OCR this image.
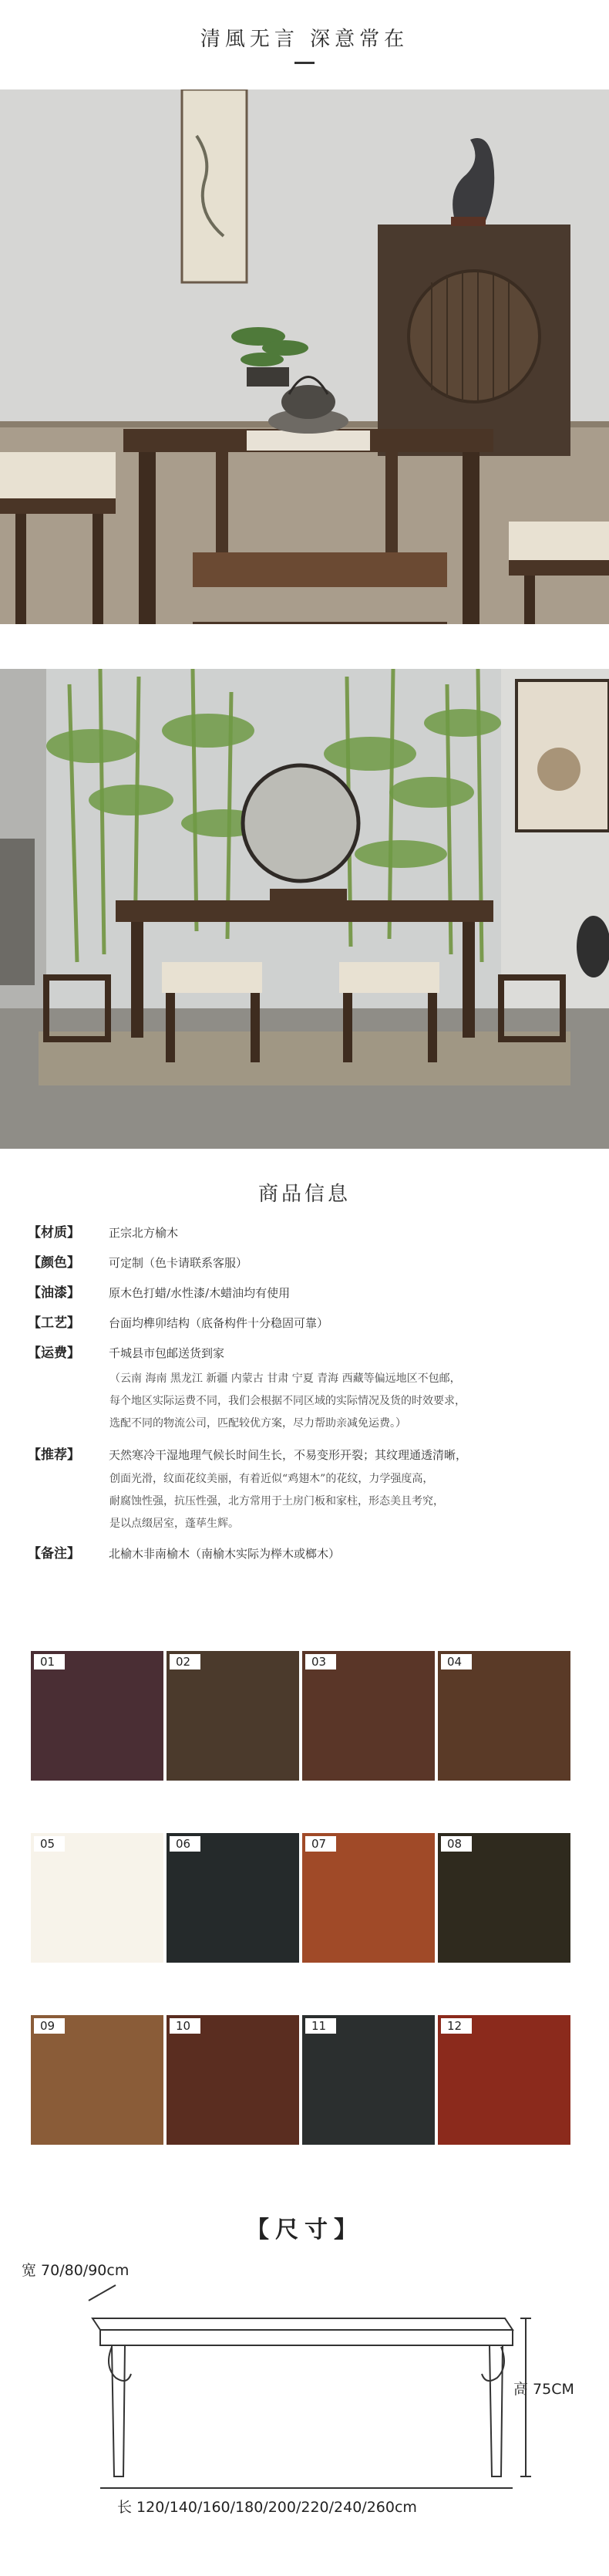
清風无言 深意常在
商品信息
【材质】 正宗北方榆木
【颜色】 可定制（色卡请联系客服）
【油漆】 原木色打蜡/水性漆/木蜡油均有使用
【工艺】 台面均榫卯结构（底备构件十分稳固可靠）
【运费】 千城县市包邮送货到家
（云南 海南 黑龙江 新疆 内蒙古 甘肃 宁夏 青海 西藏等偏远地区不包邮，
每个地区实际运费不同，我们会根据不同区域的实际情况及货的时效要求，
选配不同的物流公司，匹配较优方案，尽力帮助亲减免运费。）
【推荐】 天然寒冷干湿地理气候长时间生长，不易变形开裂；其纹理通透清晰，
创面光滑，纹面花纹美丽，有着近似“鸡翅木”的花纹，力学强度高，
耐腐蚀性强，抗压性强，北方常用于土房门板和家柱，形态美且考究，
是以点缀居室，蓬荜生辉。
【备注】 北榆木非南榆木（南榆木实际为榉木或榔木）
01	02	03	04
05	06	07	08
09	10	11	12
【尺寸】
宽 70/80/90cm
高 75CM
长 120/140/160/180/200/220/240/260cm
